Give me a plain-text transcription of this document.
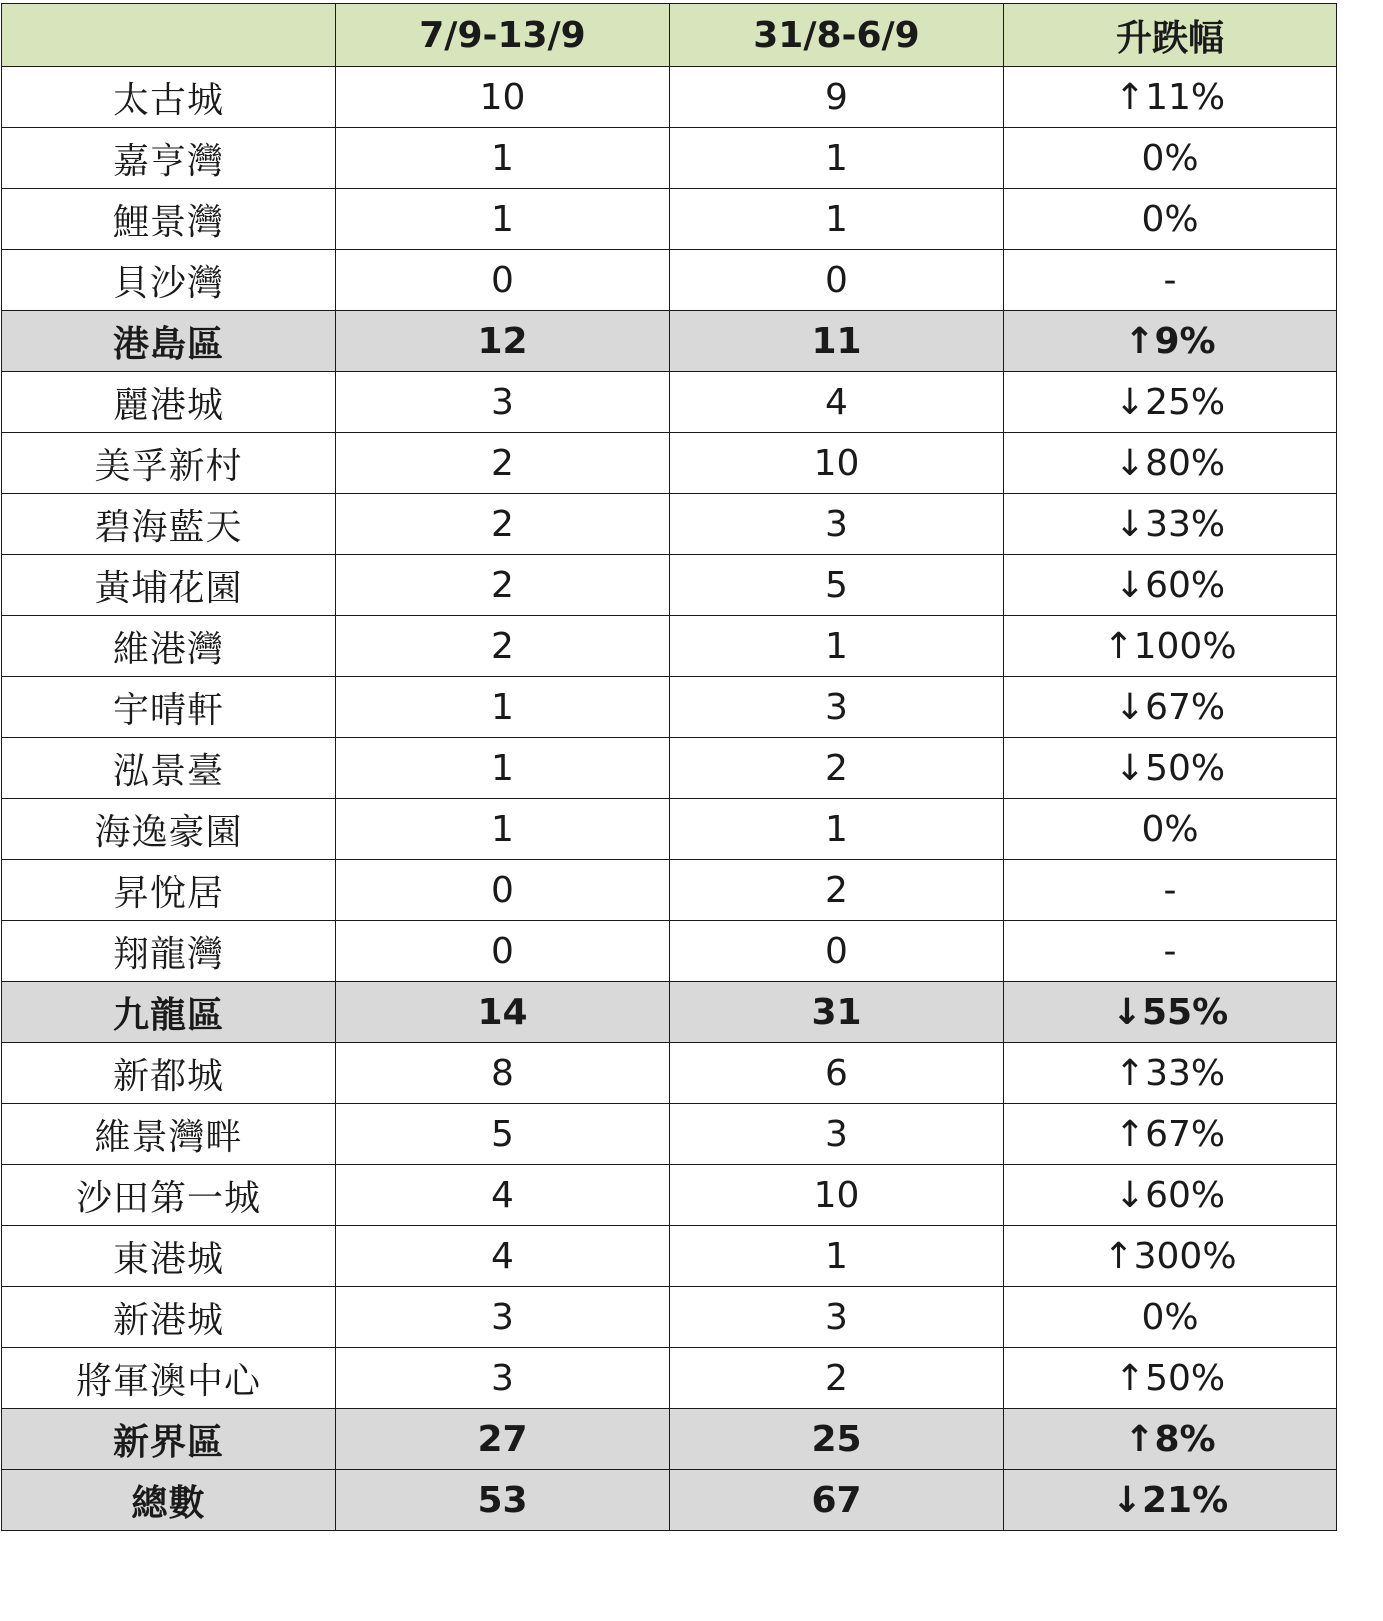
	7/9-13/9	31/8-6/9	升跌幅
太古城	10	9	↑11%
嘉亨灣	1	1	0%
鯉景灣	1	1	0%
貝沙灣	0	0	-
港島區	12	11	↑9%
麗港城	3	4	↓25%
美孚新村	2	10	↓80%
碧海藍天	2	3	↓33%
黃埔花園	2	5	↓60%
維港灣	2	1	↑100%
宇晴軒	1	3	↓67%
泓景臺	1	2	↓50%
海逸豪園	1	1	0%
昇悅居	0	2	-
翔龍灣	0	0	-
九龍區	14	31	↓55%
新都城	8	6	↑33%
維景灣畔	5	3	↑67%
沙田第一城	4	10	↓60%
東港城	4	1	↑300%
新港城	3	3	0%
將軍澳中心	3	2	↑50%
新界區	27	25	↑8%
總數	53	67	↓21%
